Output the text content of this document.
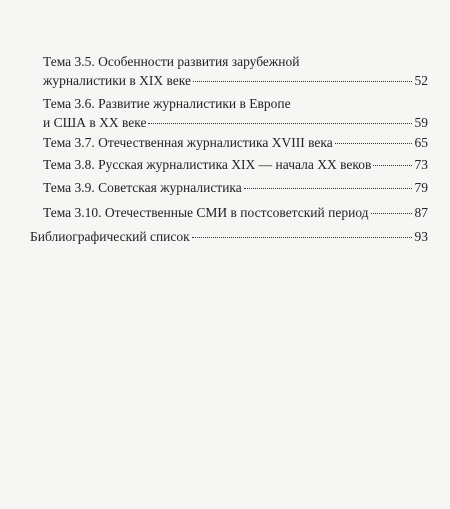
Тема 3.5. Особенности развития зарубежной
журналистики в XIX веке	52
Тема 3.6. Развитие журналистики в Европе
и США в XX веке	59
Тема 3.7. Отечественная журналистика XVIII века	65
Тема 3.8. Русская журналистика XIX — начала XX веков	73
Тема 3.9. Советская журналистика	79
Тема 3.10. Отечественные СМИ в постсоветский период	87
Библиографический список	93
